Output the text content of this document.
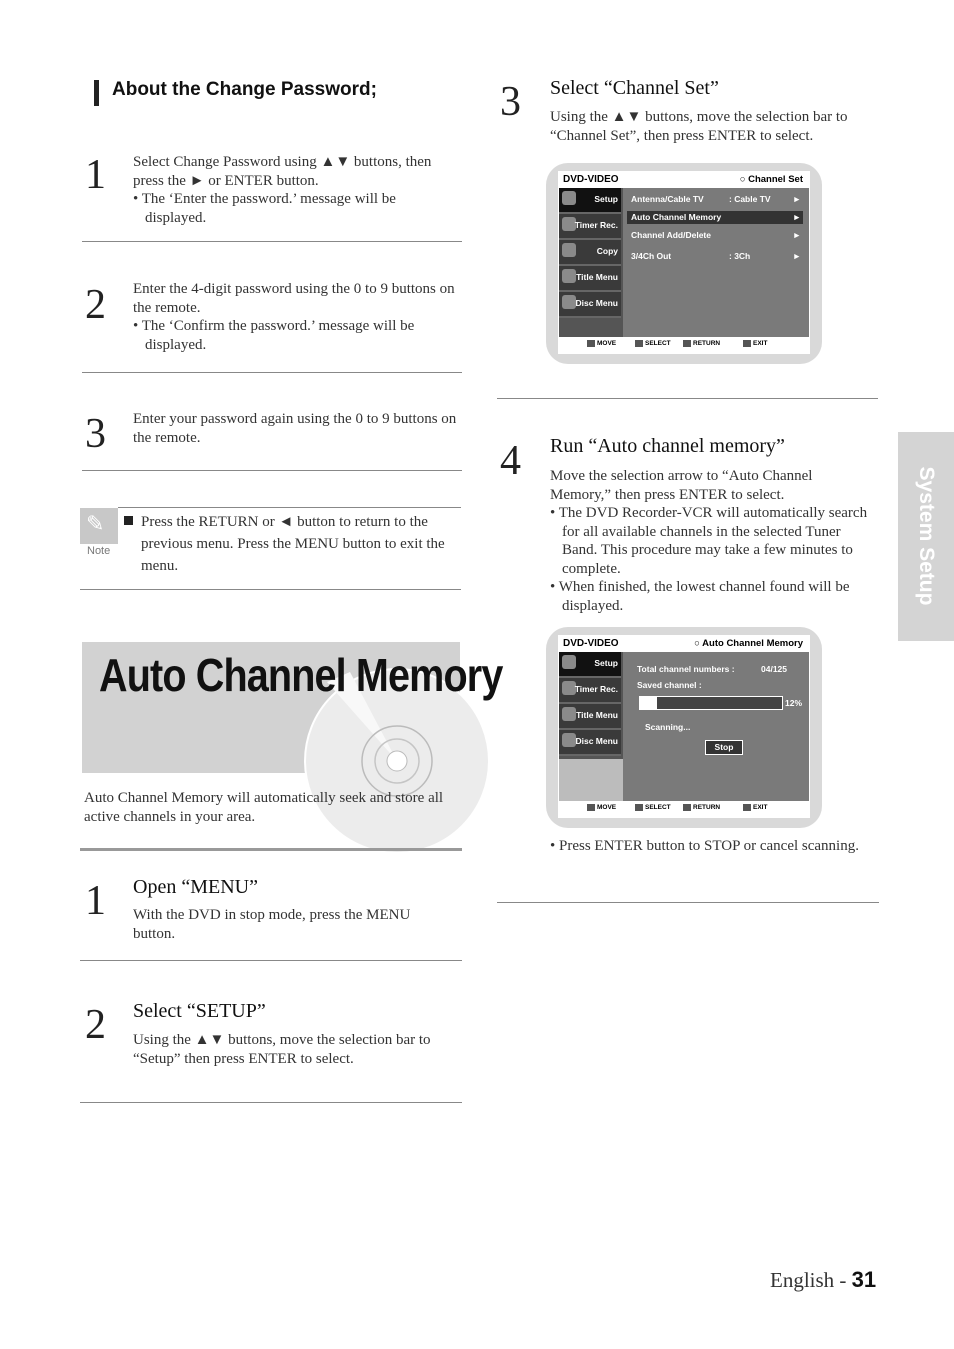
System Setup
About the Change Password;
1 Select Change Password using ▲▼ buttons, then press the ► or ENTER button.
• The ‘Enter the password.’ message will be displayed.
2 Enter the 4-digit password using the 0 to 9 buttons on the remote.
• The ‘Confirm the password.’ message will be displayed.
3 Enter your password again using the 0 to 9 buttons on the remote.
✎
Note
Press the RETURN or ◄ button to return to the previous menu. Press the MENU button to exit the menu.
Auto Channel Memory
Auto Channel Memory will automatically seek and store all active channels in your area.
1 Open “MENU”
With the DVD in stop mode, press the MENU button.
2 Select “SETUP”
Using the ▲▼ buttons, move the selection bar to “Setup” then press ENTER to select.
3 Select “Channel Set”
Using the ▲▼ buttons, move the selection bar to “Channel Set”, then press ENTER to select.
DVD-VIDEO	○ Channel Set
Setup
Timer Rec.
Copy
Title Menu
Disc Menu
Antenna/Cable TV	: Cable TV	►
Auto Channel Memory	►
Channel Add/Delete	►
3/4Ch Out	: 3Ch	►
MOVE	SELECT	RETURN	EXIT
4 Run “Auto channel memory”
Move the selection arrow to “Auto Channel Memory,” then press ENTER to select.
• The DVD Recorder-VCR will automatically search for all available channels in the selected Tuner Band. This procedure may take a few minutes to complete.
• When finished, the lowest channel found will be displayed.
DVD-VIDEO	○ Auto Channel Memory
Setup
Timer Rec.
Title Menu
Disc Menu
Total channel numbers :	04/125
Saved channel :
12%
Scanning...
Stop
MOVE	SELECT	RETURN	EXIT
• Press ENTER button to STOP or cancel scanning.
English - 31
